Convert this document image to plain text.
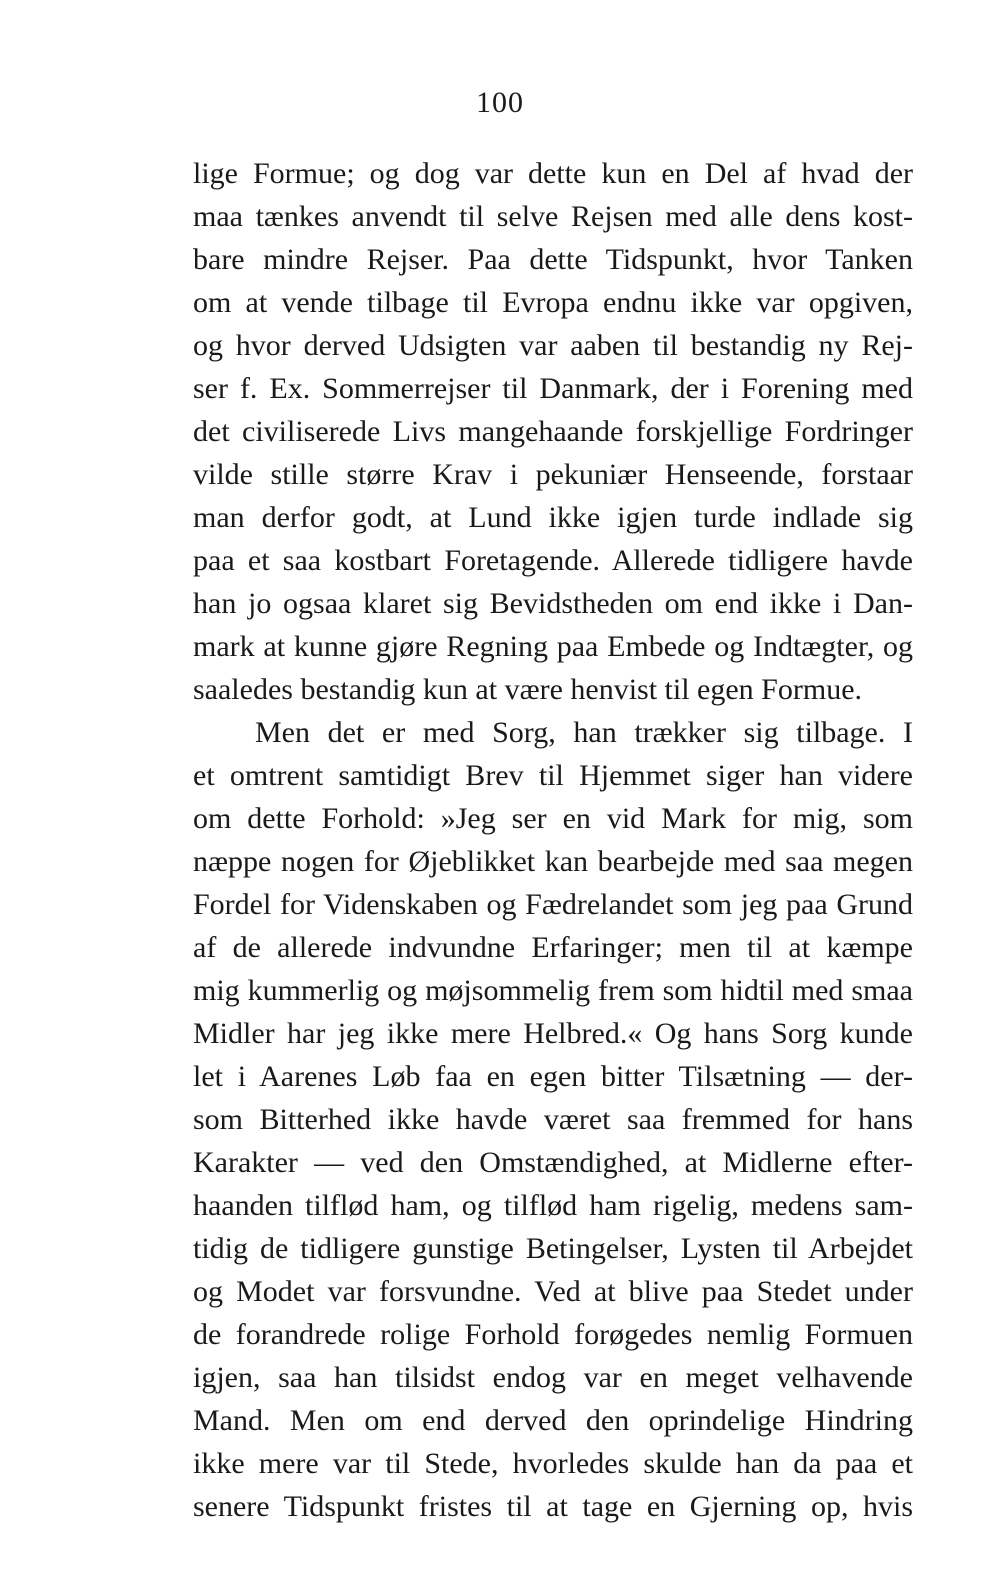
100
lige Formue; og dog var dette kun en Del af hvad der
maa tænkes anvendt til selve Rejsen med alle dens kost-
bare mindre Rejser. Paa dette Tidspunkt, hvor Tanken
om at vende tilbage til Evropa endnu ikke var opgiven,
og hvor derved Udsigten var aaben til bestandig ny Rej-
ser f. Ex. Sommerrejser til Danmark, der i Forening med
det civiliserede Livs mangehaande forskjellige Fordringer
vilde stille større Krav i pekuniær Henseende, forstaar
man derfor godt, at Lund ikke igjen turde indlade sig
paa et saa kostbart Foretagende. Allerede tidligere havde
han jo ogsaa klaret sig Bevidstheden om end ikke i Dan-
mark at kunne gjøre Regning paa Embede og Indtægter, og
saaledes bestandig kun at være henvist til egen Formue.
Men det er med Sorg, han trækker sig tilbage. I
et omtrent samtidigt Brev til Hjemmet siger han videre
om dette Forhold: »Jeg ser en vid Mark for mig, som
næppe nogen for Øjeblikket kan bearbejde med saa megen
Fordel for Videnskaben og Fædrelandet som jeg paa Grund
af de allerede indvundne Erfaringer; men til at kæmpe
mig kummerlig og møjsommelig frem som hidtil med smaa
Midler har jeg ikke mere Helbred.« Og hans Sorg kunde
let i Aarenes Løb faa en egen bitter Tilsætning — der-
som Bitterhed ikke havde været saa fremmed for hans
Karakter — ved den Omstændighed, at Midlerne efter-
haanden tilflød ham, og tilflød ham rigelig, medens sam-
tidig de tidligere gunstige Betingelser, Lysten til Arbejdet
og Modet var forsvundne. Ved at blive paa Stedet under
de forandrede rolige Forhold forøgedes nemlig Formuen
igjen, saa han tilsidst endog var en meget velhavende
Mand. Men om end derved den oprindelige Hindring
ikke mere var til Stede, hvorledes skulde han da paa et
senere Tidspunkt fristes til at tage en Gjerning op, hvis
